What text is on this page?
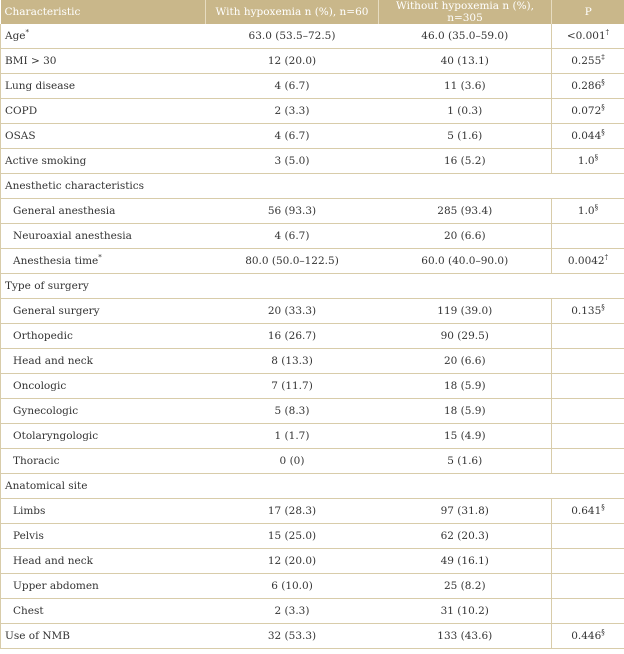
Characteristic	With hypoxemia n (%), n=60	Without hypoxemia n (%), n=305	P
Age*	63.0 (53.5–72.5)	46.0 (35.0–59.0)	<0.001†
BMI > 30	12 (20.0)	40 (13.1)	0.255‡
Lung disease	4 (6.7)	11 (3.6)	0.286§
COPD	2 (3.3)	1 (0.3)	0.072§
OSAS	4 (6.7)	5 (1.6)	0.044§
Active smoking	3 (5.0)	16 (5.2)	1.0§
Anesthetic characteristics			
General anesthesia	56 (93.3)	285 (93.4)	1.0§
Neuroaxial anesthesia	4 (6.7)	20 (6.6)	
Anesthesia time*	80.0 (50.0–122.5)	60.0 (40.0–90.0)	0.0042†
Type of surgery			
General surgery	20 (33.3)	119 (39.0)	0.135§
Orthopedic	16 (26.7)	90 (29.5)	
Head and neck	8 (13.3)	20 (6.6)	
Oncologic	7 (11.7)	18 (5.9)	
Gynecologic	5 (8.3)	18 (5.9)	
Otolaryngologic	1 (1.7)	15 (4.9)	
Thoracic	0 (0)	5 (1.6)	
Anatomical site			
Limbs	17 (28.3)	97 (31.8)	0.641§
Pelvis	15 (25.0)	62 (20.3)	
Head and neck	12 (20.0)	49 (16.1)	
Upper abdomen	6 (10.0)	25 (8.2)	
Chest	2 (3.3)	31 (10.2)	
Use of NMB	32 (53.3)	133 (43.6)	0.446§
